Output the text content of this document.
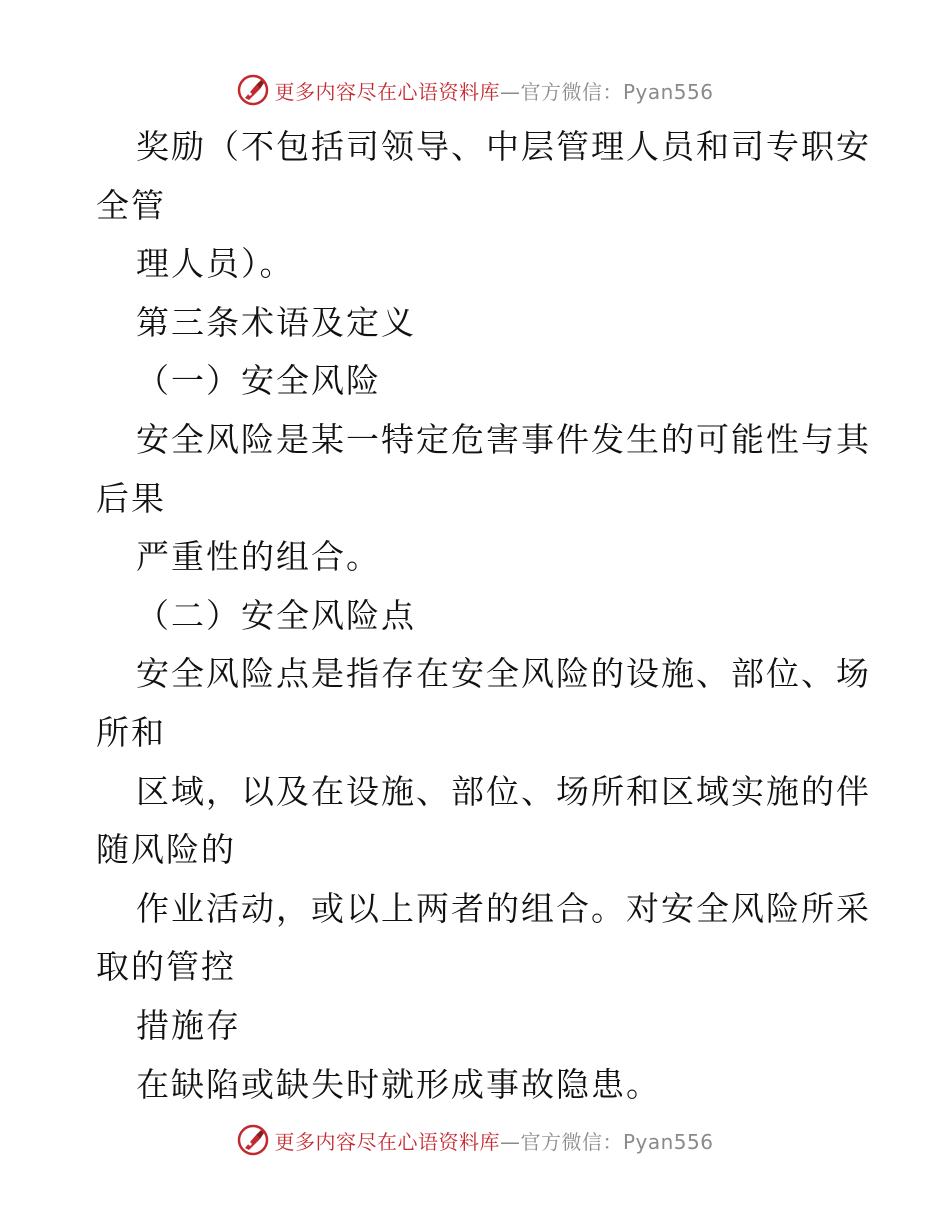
更多内容尽在心语资料库—官方微信：Pyan556
奖励（不包括司领导、中层管理人员和司专职安
全管
理人员）。
第三条术语及定义
（一）安全风险
安全风险是某一特定危害事件发生的可能性与其
后果
严重性的组合。
（二）安全风险点
安全风险点是指存在安全风险的设施、部位、场
所和
区域，以及在设施、部位、场所和区域实施的伴
随风险的
作业活动，或以上两者的组合。对安全风险所采
取的管控
措施存
在缺陷或缺失时就形成事故隐患。
更多内容尽在心语资料库—官方微信：Pyan556
